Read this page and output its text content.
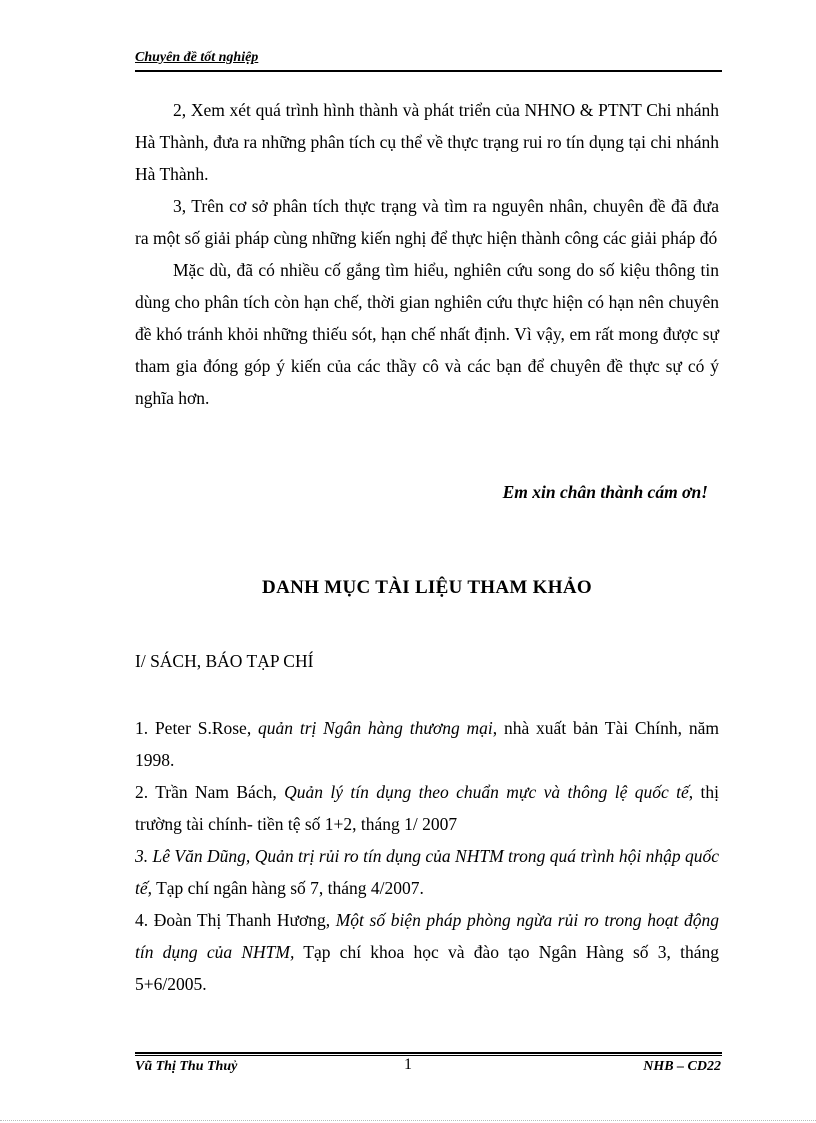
Chuyên đề tốt nghiệp

2, Xem xét quá trình hình thành và phát triển của NHNO & PTNT Chi nhánh Hà Thành, đưa ra những phân tích cụ thể về thực trạng rui ro tín dụng tại chi nhánh Hà Thành.

3, Trên cơ sở phân tích thực trạng và tìm ra nguyên nhân, chuyên đề đã đưa ra một số giải pháp cùng những kiến nghị để thực hiện thành công các giải pháp đó

Mặc dù, đã có nhiều cố gắng tìm hiểu, nghiên cứu song do số kiệu thông tin dùng cho phân tích còn hạn chế, thời gian nghiên cứu thực hiện có hạn nên chuyên đề khó tránh khỏi những thiếu sót, hạn chế nhất định. Vì vậy, em rất mong được sự tham gia đóng góp ý kiến của các thầy cô và các bạn để chuyên đề thực sự có ý nghĩa hơn.

Em xin chân thành cám ơn!
DANH MỤC TÀI LIỆU THAM KHẢO
I/ SÁCH, BÁO TẠP CHÍ

1. Peter S.Rose, quản trị Ngân hàng thương mại, nhà xuất bản Tài Chính, năm 1998.

2. Trần Nam Bách, Quản lý tín dụng theo chuẩn mực và thông lệ quốc tế, thị trường tài chính- tiền tệ số 1+2, tháng 1/ 2007

3. Lê Văn Dũng, Quản trị rủi ro tín dụng của NHTM trong quá trình hội nhập quốc tế, Tạp chí ngân hàng số 7, tháng 4/2007.

4. Đoàn Thị Thanh Hương, Một số biện pháp phòng ngừa rủi ro trong hoạt động tín dụng của NHTM, Tạp chí khoa học và đào tạo Ngân Hàng số 3, tháng 5+6/2005.

Vũ Thị Thu Thuỷ	1	NHB – CD22
